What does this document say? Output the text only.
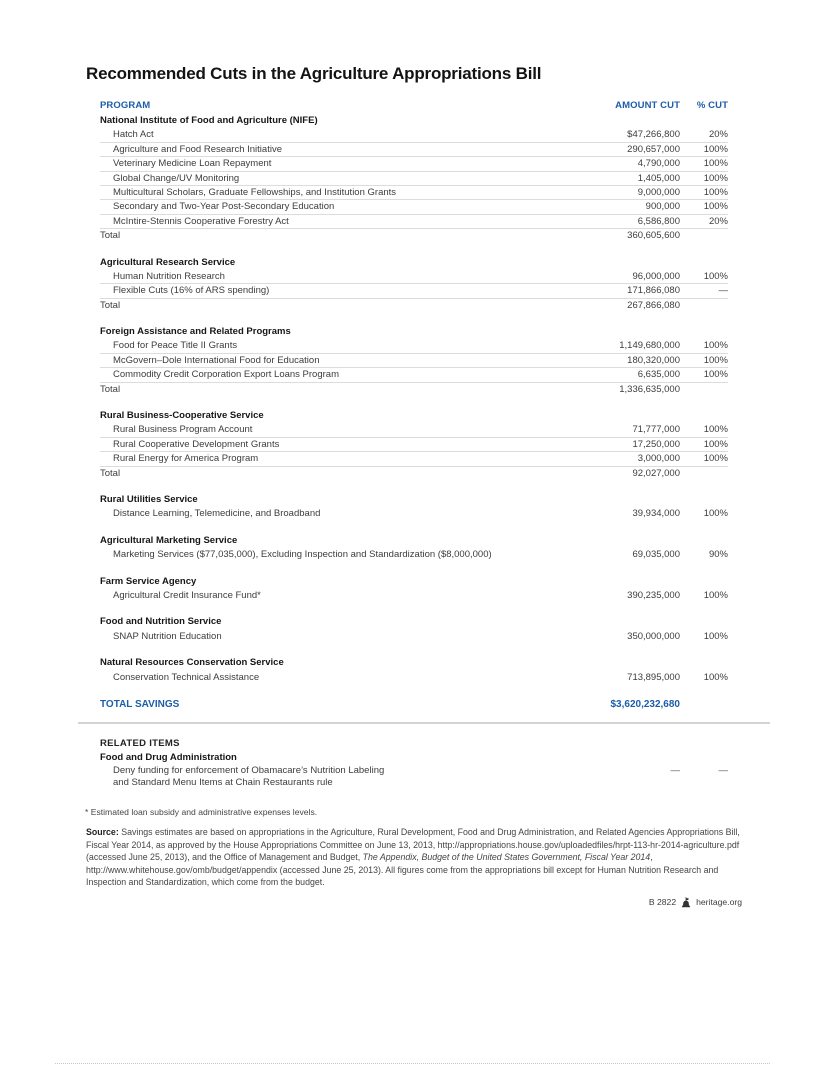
Recommended Cuts in the Agriculture Appropriations Bill
PROGRAM	AMOUNT CUT	% CUT
National Institute of Food and Agriculture (NIFE)
Hatch Act	$47,266,800	20%
Agriculture and Food Research Initiative	290,657,000	100%
Veterinary Medicine Loan Repayment	4,790,000	100%
Global Change/UV Monitoring	1,405,000	100%
Multicultural Scholars, Graduate Fellowships, and Institution Grants	9,000,000	100%
Secondary and Two-Year Post-Secondary Education	900,000	100%
McIntire-Stennis Cooperative Forestry Act	6,586,800	20%
Total	360,605,600
Agricultural Research Service
Human Nutrition Research	96,000,000	100%
Flexible Cuts (16% of ARS spending)	171,866,080	—
Total	267,866,080
Foreign Assistance and Related Programs
Food for Peace Title II Grants	1,149,680,000	100%
McGovern–Dole International Food for Education	180,320,000	100%
Commodity Credit Corporation Export Loans Program	6,635,000	100%
Total	1,336,635,000
Rural Business-Cooperative Service
Rural Business Program Account	71,777,000	100%
Rural Cooperative Development Grants	17,250,000	100%
Rural Energy for America Program	3,000,000	100%
Total	92,027,000
Rural Utilities Service
Distance Learning, Telemedicine, and Broadband	39,934,000	100%
Agricultural Marketing Service
Marketing Services ($77,035,000), Excluding Inspection and Standardization ($8,000,000)	69,035,000	90%
Farm Service Agency
Agricultural Credit Insurance Fund*	390,235,000	100%
Food and Nutrition Service
SNAP Nutrition Education	350,000,000	100%
Natural Resources Conservation Service
Conservation Technical Assistance	713,895,000	100%
TOTAL SAVINGS	$3,620,232,680
RELATED ITEMS
Food and Drug Administration
Deny funding for enforcement of Obamacare’s Nutrition Labeling
and Standard Menu Items at Chain Restaurants rule
—	—
* Estimated loan subsidy and administrative expenses levels.

Source: Savings estimates are based on appropriations in the Agriculture, Rural Development, Food and Drug Administration, and Related Agencies Appropriations Bill, Fiscal Year 2014, as approved by the House Appropriations Committee on June 13, 2013, http://appropriations.house.gov/uploadedfiles/hrpt-113-hr-2014-agriculture.pdf (accessed June 25, 2013), and the Office of Management and Budget, The Appendix, Budget of the United States Government, Fiscal Year 2014, http://www.whitehouse.gov/omb/budget/appendix (accessed June 25, 2013). All figures come from the appropriations bill except for Human Nutrition Research and Inspection and Standardization, which come from the budget.

B 2822 heritage.org
